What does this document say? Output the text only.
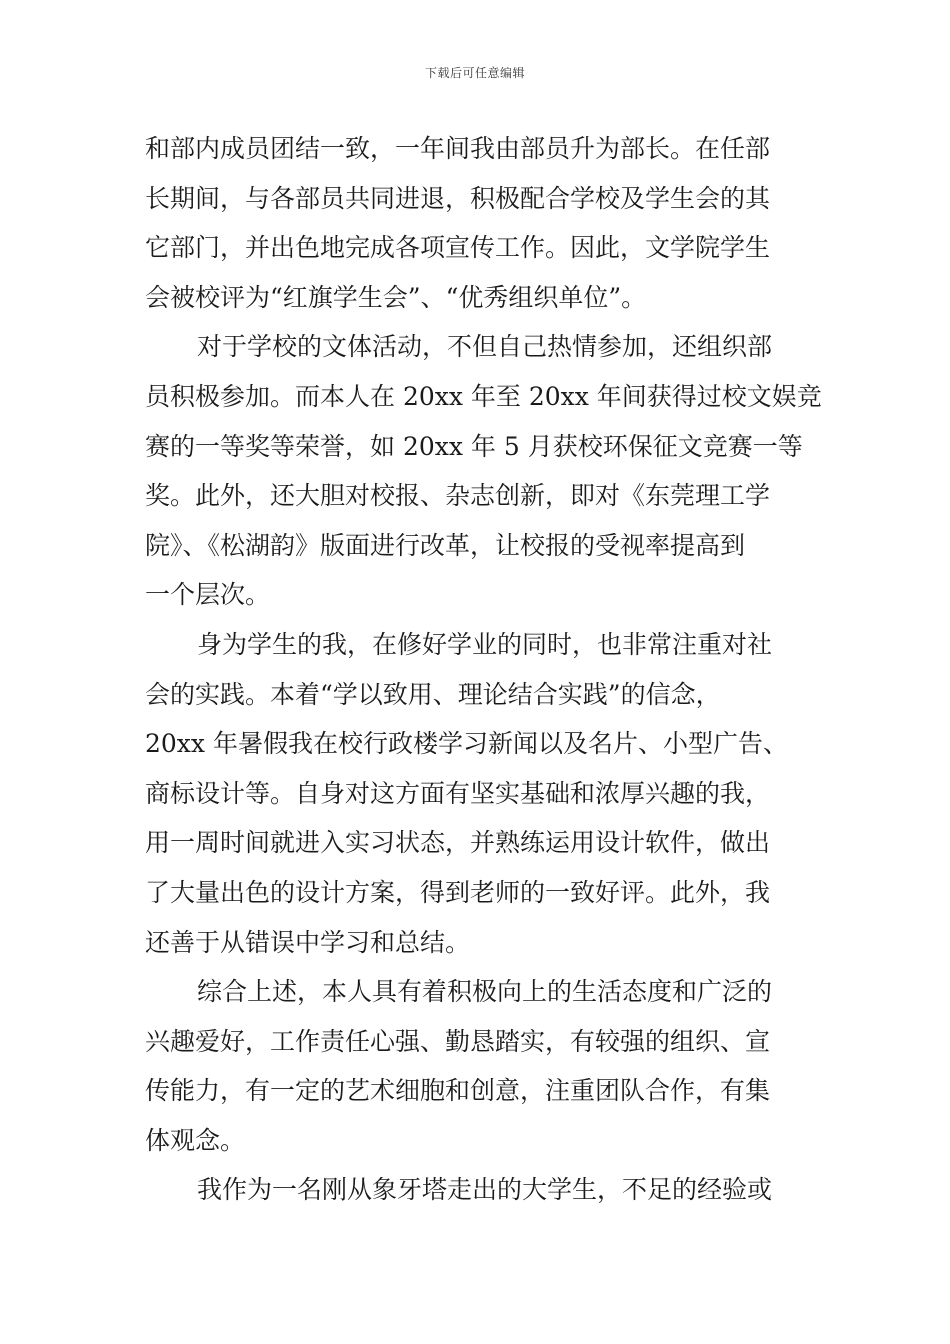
下载后可任意编辑
和部内成员团结一致，一年间我由部员升为部长。在任部
长期间，与各部员共同进退，积极配合学校及学生会的其
它部门，并出色地完成各项宣传工作。因此，文学院学生
会被校评为“红旗学生会”、“优秀组织单位”。
对于学校的文体活动，不但自己热情参加，还组织部
员积极参加。而本人在 20xx 年至 20xx 年间获得过校文娱竞
赛的一等奖等荣誉，如 20xx 年 5 月获校环保征文竞赛一等
奖。此外，还大胆对校报、杂志创新，即对《东莞理工学
院》、《松湖韵》版面进行改革，让校报的受视率提高到
一个层次。
身为学生的我，在修好学业的同时，也非常注重对社
会的实践。本着“学以致用、理论结合实践”的信念，
20xx 年暑假我在校行政楼学习新闻以及名片、小型广告、
商标设计等。自身对这方面有坚实基础和浓厚兴趣的我，
用一周时间就进入实习状态，并熟练运用设计软件，做出
了大量出色的设计方案，得到老师的一致好评。此外，我
还善于从错误中学习和总结。
综合上述，本人具有着积极向上的生活态度和广泛的
兴趣爱好，工作责任心强、勤恳踏实，有较强的组织、宣
传能力，有一定的艺术细胞和创意，注重团队合作，有集
体观念。
我作为一名刚从象牙塔走出的大学生，不足的经验或
